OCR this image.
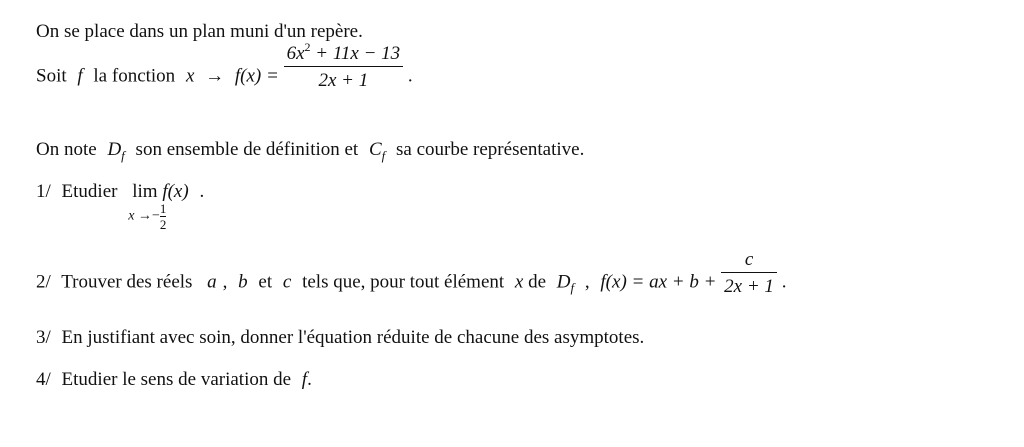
On se place dans un plan muni d'un repère.
Soit f la fonction $x \to f(x) = \frac{6x^2 + 11x - 13}{2x + 1}$ .
On note $D_f$ son ensemble de définition et $C_f$ sa courbe représentative.
1/ Etudier lim
$x \to-\frac{1}{2}$
f(x) .
2/ Trouver des réels a , b et c tels que, pour tout élément x de $D_f$ , f(x) = ax + $b + \frac{c}{2x + 1}$ .
3/ En justifiant avec soin, donner l'équation réduite de chacune des asymptotes.
4/ Etudier le sens de variation de f.
